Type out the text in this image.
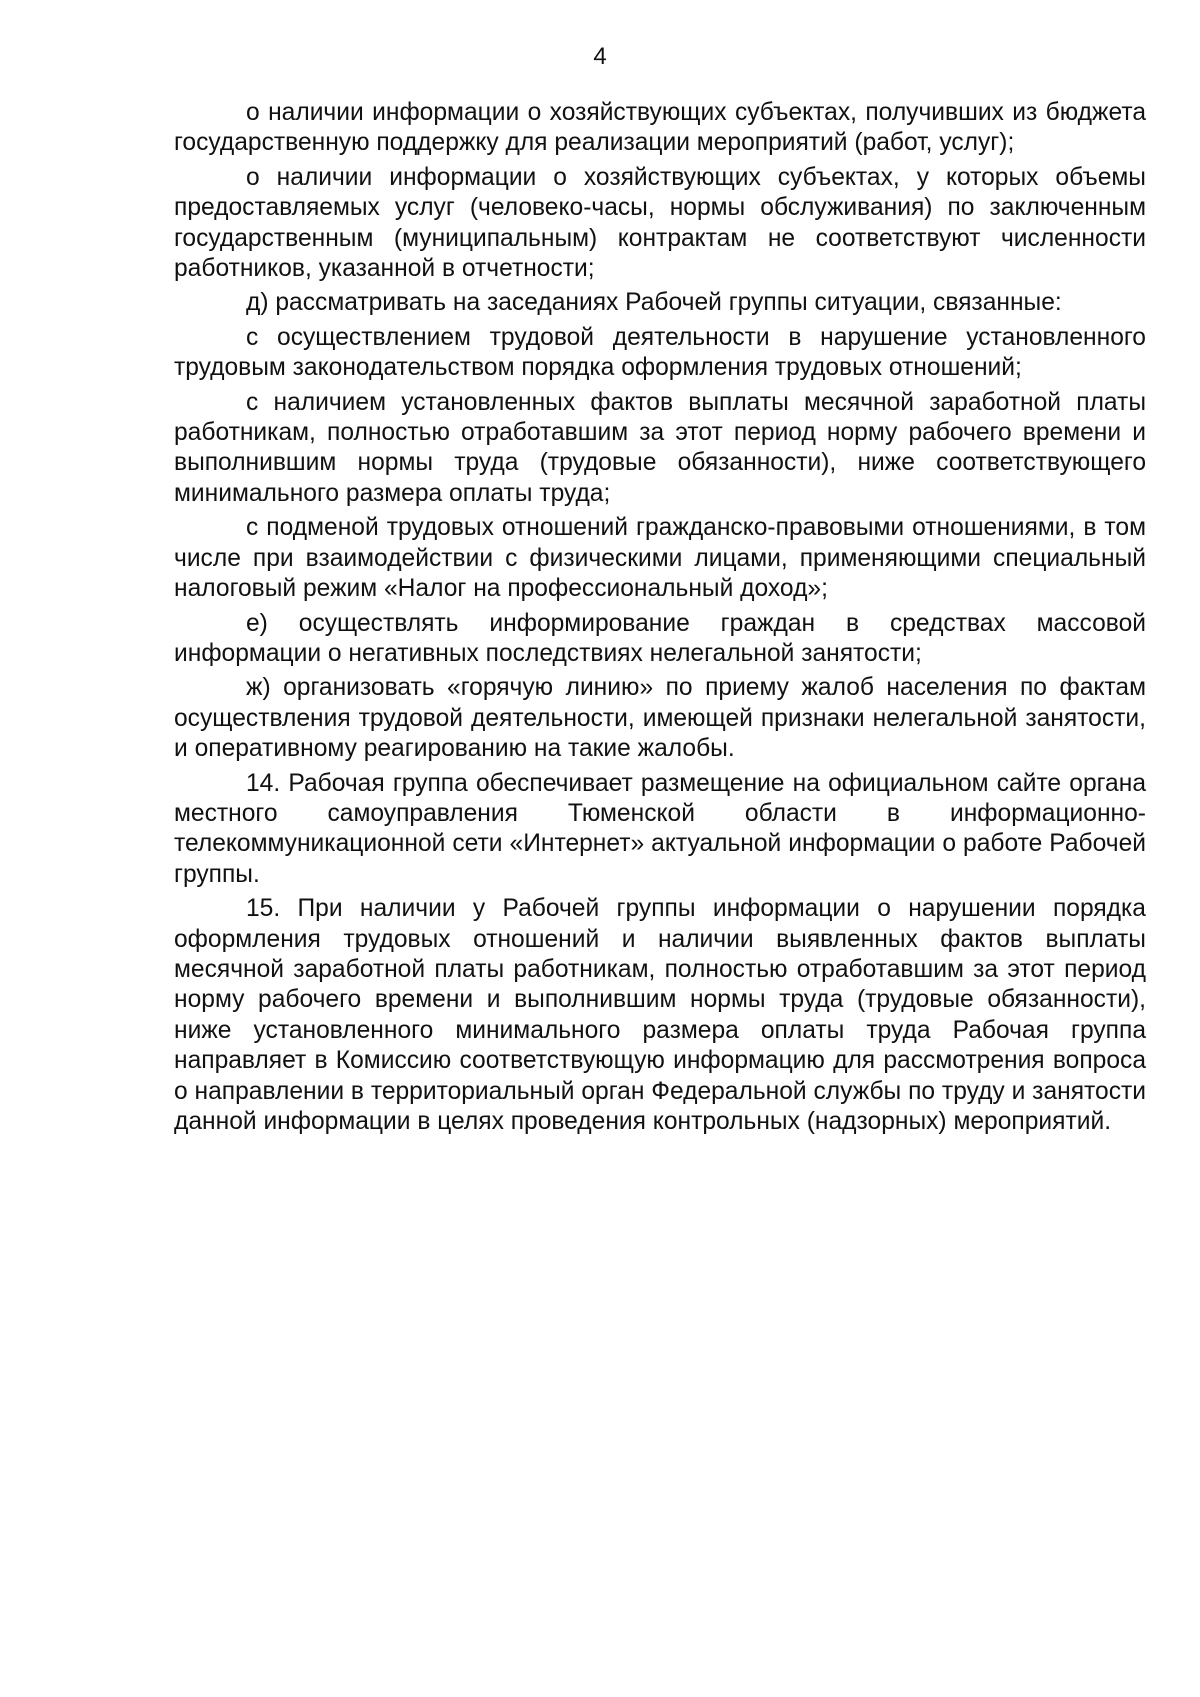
4

о наличии информации о хозяйствующих субъектах, получивших из бюджета государственную поддержку для реализации мероприятий (работ, услуг);

о наличии информации о хозяйствующих субъектах, у которых объемы предоставляемых услуг (человеко-часы, нормы обслуживания) по заключенным государственным (муниципальным) контрактам не соответствуют численности работников, указанной в отчетности;

д) рассматривать на заседаниях Рабочей группы ситуации, связанные:

с осуществлением трудовой деятельности в нарушение установленного трудовым законодательством порядка оформления трудовых отношений;

с наличием установленных фактов выплаты месячной заработной платы работникам, полностью отработавшим за этот период норму рабочего времени и выполнившим нормы труда (трудовые обязанности), ниже соответствующего минимального размера оплаты труда;

с подменой трудовых отношений гражданско-правовыми отношениями, в том числе при взаимодействии с физическими лицами, применяющими специальный налоговый режим «Налог на профессиональный доход»;

е) осуществлять информирование граждан в средствах массовой информации о негативных последствиях нелегальной занятости;

ж) организовать «горячую линию» по приему жалоб населения по фактам осуществления трудовой деятельности, имеющей признаки нелегальной занятости, и оперативному реагированию на такие жалобы.

14. Рабочая группа обеспечивает размещение на официальном сайте органа местного самоуправления Тюменской области в информационно-телекоммуникационной сети «Интернет» актуальной информации о работе Рабочей группы.

15. При наличии у Рабочей группы информации о нарушении порядка оформления трудовых отношений и наличии выявленных фактов выплаты месячной заработной платы работникам, полностью отработавшим за этот период норму рабочего времени и выполнившим нормы труда (трудовые обязанности), ниже установленного минимального размера оплаты труда Рабочая группа направляет в Комиссию соответствующую информацию для рассмотрения вопроса о направлении в территориальный орган Федеральной службы по труду и занятости данной информации в целях проведения контрольных (надзорных) мероприятий.
